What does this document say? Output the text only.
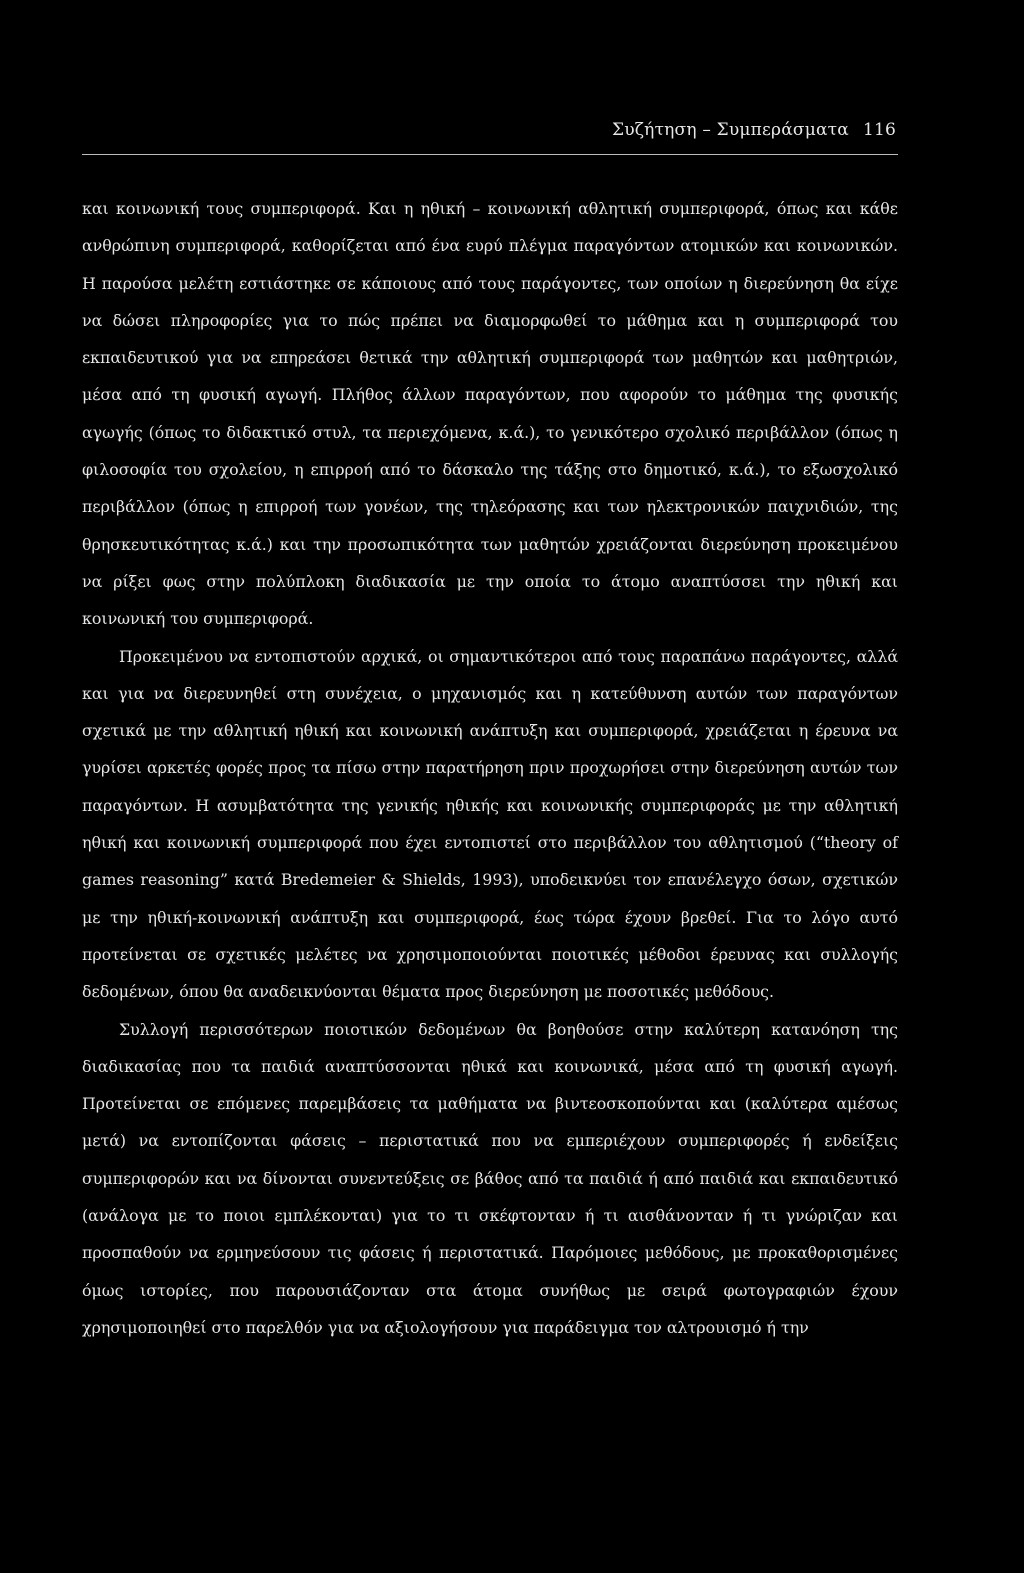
Συζήτηση – Συμπεράσματα 116

και κοινωνική τους συμπεριφορά. Και η ηθική – κοινωνική αθλητική συμπεριφορά, όπως και κάθε ανθρώπινη συμπεριφορά, καθορίζεται από ένα ευρύ πλέγμα παραγόντων ατομικών και κοινωνικών. Η παρούσα μελέτη εστιάστηκε σε κάποιους από τους παράγοντες, των οποίων η διερεύνηση θα είχε να δώσει πληροφορίες για το πώς πρέπει να διαμορφωθεί το μάθημα και η συμπεριφορά του εκπαιδευτικού για να επηρεάσει θετικά την αθλητική συμπεριφορά των μαθητών και μαθητριών, μέσα από τη φυσική αγωγή. Πλήθος άλλων παραγόντων, που αφορούν το μάθημα της φυσικής αγωγής (όπως το διδακτικό στυλ, τα περιεχόμενα, κ.ά.), το γενικότερο σχολικό περιβάλλον (όπως η φιλοσοφία του σχολείου, η επιρροή από το δάσκαλο της τάξης στο δημοτικό, κ.ά.), το εξωσχολικό περιβάλλον (όπως η επιρροή των γονέων, της τηλεόρασης και των ηλεκτρονικών παιχνιδιών, της θρησκευτικότητας κ.ά.) και την προσωπικότητα των μαθητών χρειάζονται διερεύνηση προκειμένου να ρίξει φως στην πολύπλοκη διαδικασία με την οποία το άτομο αναπτύσσει την ηθική και κοινωνική του συμπεριφορά.

Προκειμένου να εντοπιστούν αρχικά, οι σημαντικότεροι από τους παραπάνω παράγοντες, αλλά και για να διερευνηθεί στη συνέχεια, ο μηχανισμός και η κατεύθυνση αυτών των παραγόντων σχετικά με την αθλητική ηθική και κοινωνική ανάπτυξη και συμπεριφορά, χρειάζεται η έρευνα να γυρίσει αρκετές φορές προς τα πίσω στην παρατήρηση πριν προχωρήσει στην διερεύνηση αυτών των παραγόντων. Η ασυμβατότητα της γενικής ηθικής και κοινωνικής συμπεριφοράς με την αθλητική ηθική και κοινωνική συμπεριφορά που έχει εντοπιστεί στο περιβάλλον του αθλητισμού (“theory of games reasoning” κατά Bredemeier & Shields, 1993), υποδεικνύει τον επανέλεγχο όσων, σχετικών με την ηθική-κοινωνική ανάπτυξη και συμπεριφορά, έως τώρα έχουν βρεθεί. Για το λόγο αυτό προτείνεται σε σχετικές μελέτες να χρησιμοποιούνται ποιοτικές μέθοδοι έρευνας και συλλογής δεδομένων, όπου θα αναδεικνύονται θέματα προς διερεύνηση με ποσοτικές μεθόδους.

Συλλογή περισσότερων ποιοτικών δεδομένων θα βοηθούσε στην καλύτερη κατανόηση της διαδικασίας που τα παιδιά αναπτύσσονται ηθικά και κοινωνικά, μέσα από τη φυσική αγωγή. Προτείνεται σε επόμενες παρεμβάσεις τα μαθήματα να βιντεοσκοπούνται και (καλύτερα αμέσως μετά) να εντοπίζονται φάσεις – περιστατικά που να εμπεριέχουν συμπεριφορές ή ενδείξεις συμπεριφορών και να δίνονται συνεντεύξεις σε βάθος από τα παιδιά ή από παιδιά και εκπαιδευτικό (ανάλογα με το ποιοι εμπλέκονται) για το τι σκέφτονταν ή τι αισθάνονταν ή τι γνώριζαν και προσπαθούν να ερμηνεύσουν τις φάσεις ή περιστατικά. Παρόμοιες μεθόδους, με προκαθορισμένες όμως ιστορίες, που παρουσιάζονταν στα άτομα συνήθως με σειρά φωτογραφιών έχουν χρησιμοποιηθεί στο παρελθόν για να αξιολογήσουν για παράδειγμα τον αλτρουισμό ή την
